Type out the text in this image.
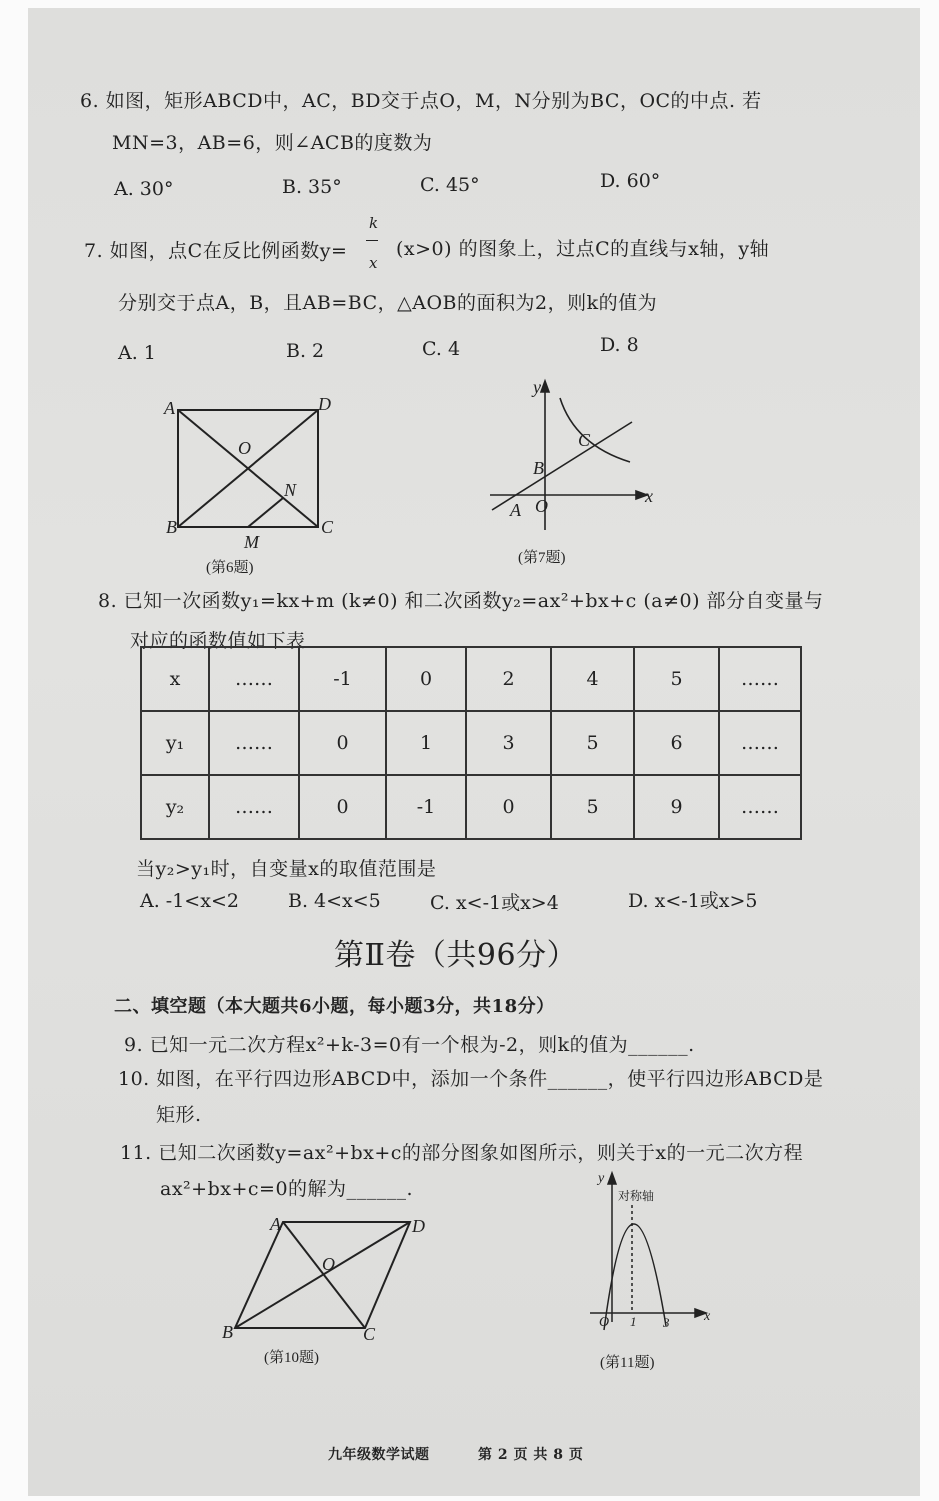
6. 如图，矩形ABCD中，AC，BD交于点O，M，N分别为BC，OC的中点. 若
MN=3，AB=6，则∠ACB的度数为
A. 30°	B. 35°	C. 45°	D. 60°
7. 如图，点C在反比例函数y=
k
x
(x>0) 的图象上，过点C的直线与x轴，y轴
分别交于点A，B，且AB=BC，△AOB的面积为2，则k的值为
A. 1	B. 2	C. 4	D. 8
A	D
B	C
O
M
N
(第6题)
y
x
A
B
C
O
(第7题)
8. 已知一次函数y₁=kx+m (k≠0) 和二次函数y₂=ax²+bx+c (a≠0) 部分自变量与
对应的函数值如下表
x	……	-1	0	2	4	5	……
y₁	……	0	1	3	5	6	……
y₂	……	0	-1	0	5	9	……
当y₂>y₁时，自变量x的取值范围是
A. -1<x<2	B. 4<x<5	C. x<-1或x>4	D. x<-1或x>5
第Ⅱ卷（共96分）
二、填空题（本大题共6小题，每小题3分，共18分）
9. 已知一元二次方程x²+k-3=0有一个根为-2，则k的值为______.
10. 如图，在平行四边形ABCD中，添加一个条件______，使平行四边形ABCD是
矩形.
11. 已知二次函数y=ax²+bx+c的部分图象如图所示，则关于x的一元二次方程
ax²+bx+c=0的解为______.
A	D
B	C
O
(第10题)
y
x
对称轴
O 1 3
(第11题)
九年级数学试题	第 2 页 共 8 页
